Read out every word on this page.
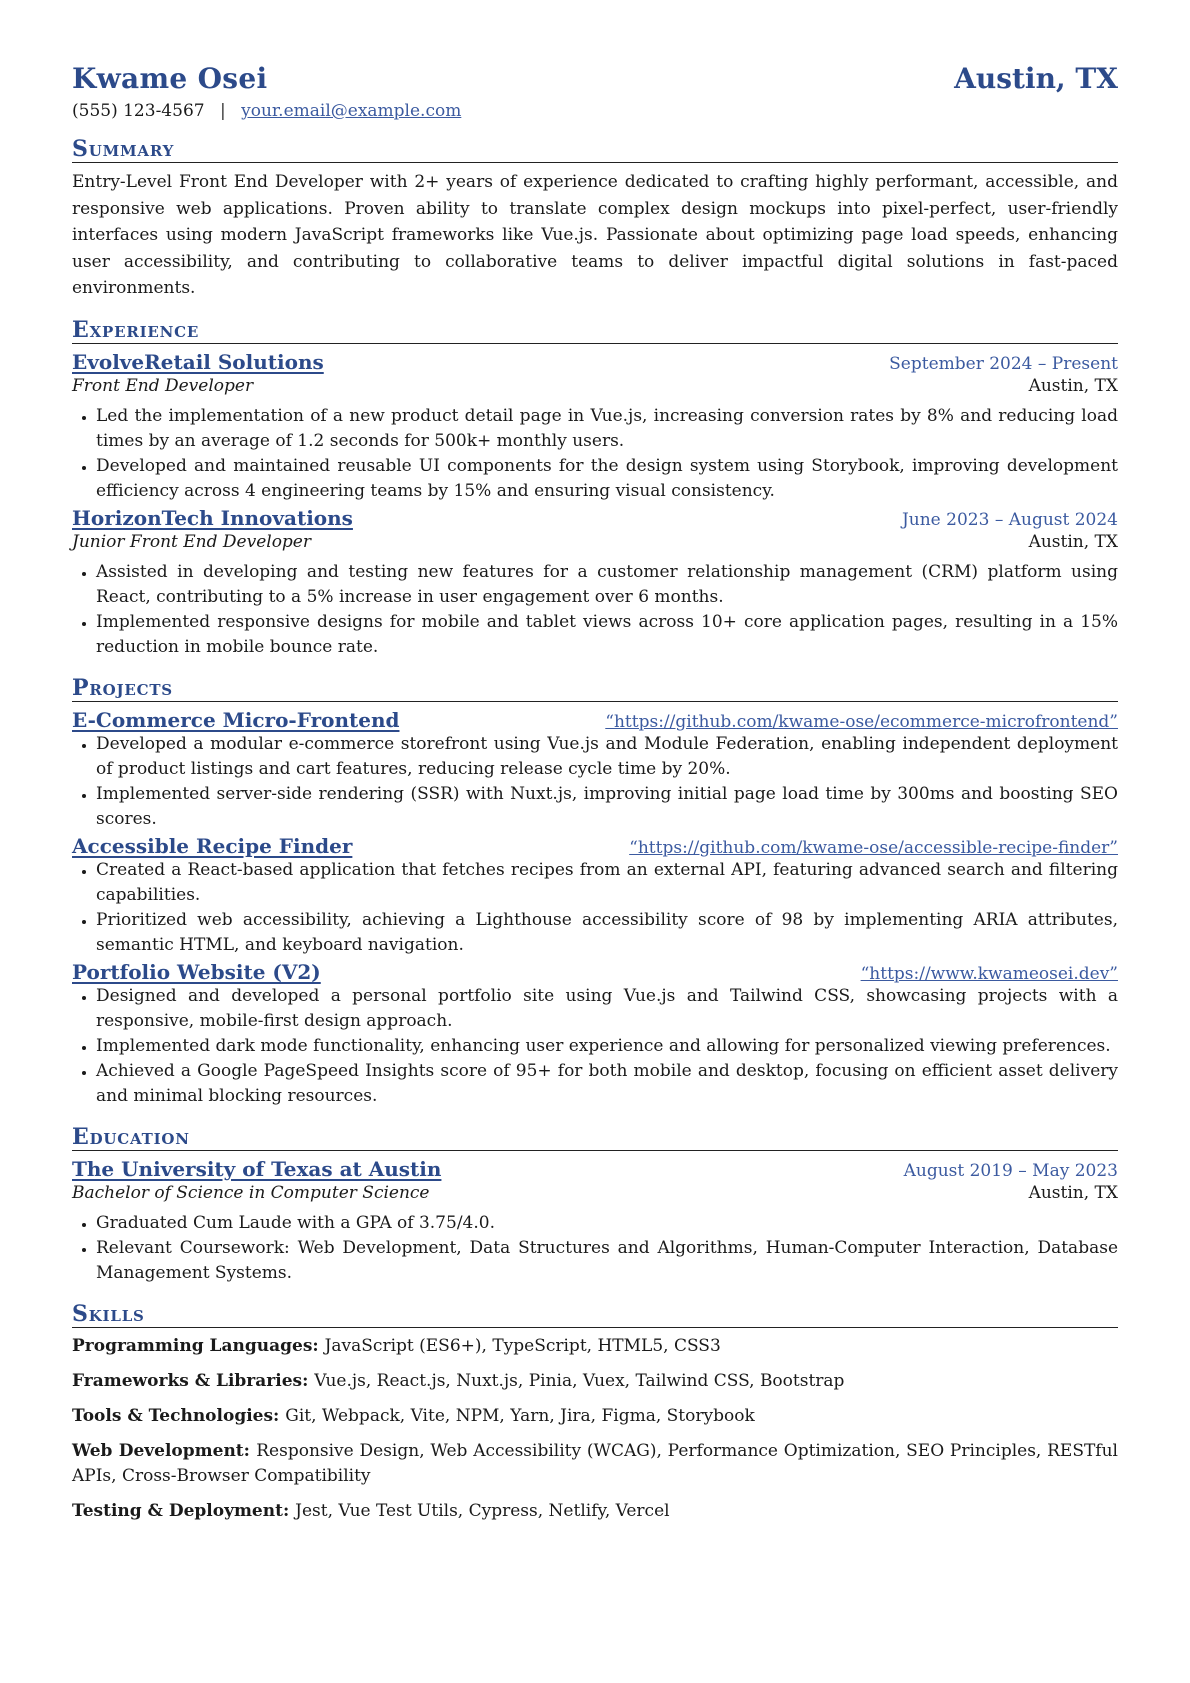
Kwame Osei	Austin, TX
(555) 123-4567 | your.email@example.com
Summary
Entry-Level Front End Developer with 2+ years of experience dedicated to crafting highly performant, accessible, and responsive web applications. Proven ability to translate complex design mockups into pixel-perfect, user-friendly interfaces using modern JavaScript frameworks like Vue.js. Passionate about optimizing page load speeds, enhancing user accessibility, and contributing to collaborative teams to deliver impactful digital solutions in fast-paced environments.
Experience
EvolveRetail Solutions	September 2024 – Present
Front End Developer	Austin, TX
• Led the implementation of a new product detail page in Vue.js, increasing conversion rates by 8% and reducing load times by an average of 1.2 seconds for 500k+ monthly users.
• Developed and maintained reusable UI components for the design system using Storybook, improving development efficiency across 4 engineering teams by 15% and ensuring visual consistency.
HorizonTech Innovations	June 2023 – August 2024
Junior Front End Developer	Austin, TX
• Assisted in developing and testing new features for a customer relationship management (CRM) platform using React, contributing to a 5% increase in user engagement over 6 months.
• Implemented responsive designs for mobile and tablet views across 10+ core application pages, resulting in a 15% reduction in mobile bounce rate.
Projects
E-Commerce Micro-Frontend	“https://github.com/kwame-ose/ecommerce-microfrontend”
• Developed a modular e-commerce storefront using Vue.js and Module Federation, enabling independent deployment of product listings and cart features, reducing release cycle time by 20%.
• Implemented server-side rendering (SSR) with Nuxt.js, improving initial page load time by 300ms and boosting SEO scores.
Accessible Recipe Finder	“https://github.com/kwame-ose/accessible-recipe-finder”
• Created a React-based application that fetches recipes from an external API, featuring advanced search and filtering capabilities.
• Prioritized web accessibility, achieving a Lighthouse accessibility score of 98 by implementing ARIA attributes, semantic HTML, and keyboard navigation.
Portfolio Website (V2)	“https://www.kwameosei.dev”
• Designed and developed a personal portfolio site using Vue.js and Tailwind CSS, showcasing projects with a responsive, mobile-first design approach.
• Implemented dark mode functionality, enhancing user experience and allowing for personalized viewing preferences.
• Achieved a Google PageSpeed Insights score of 95+ for both mobile and desktop, focusing on efficient asset delivery and minimal blocking resources.
Education
The University of Texas at Austin	August 2019 – May 2023
Bachelor of Science in Computer Science	Austin, TX
• Graduated Cum Laude with a GPA of 3.75/4.0.
• Relevant Coursework: Web Development, Data Structures and Algorithms, Human-Computer Interaction, Database Management Systems.
Skills
Programming Languages: JavaScript (ES6+), TypeScript, HTML5, CSS3
Frameworks & Libraries: Vue.js, React.js, Nuxt.js, Pinia, Vuex, Tailwind CSS, Bootstrap
Tools & Technologies: Git, Webpack, Vite, NPM, Yarn, Jira, Figma, Storybook
Web Development: Responsive Design, Web Accessibility (WCAG), Performance Optimization, SEO Principles, RESTful APIs, Cross-Browser Compatibility
Testing & Deployment: Jest, Vue Test Utils, Cypress, Netlify, Vercel
